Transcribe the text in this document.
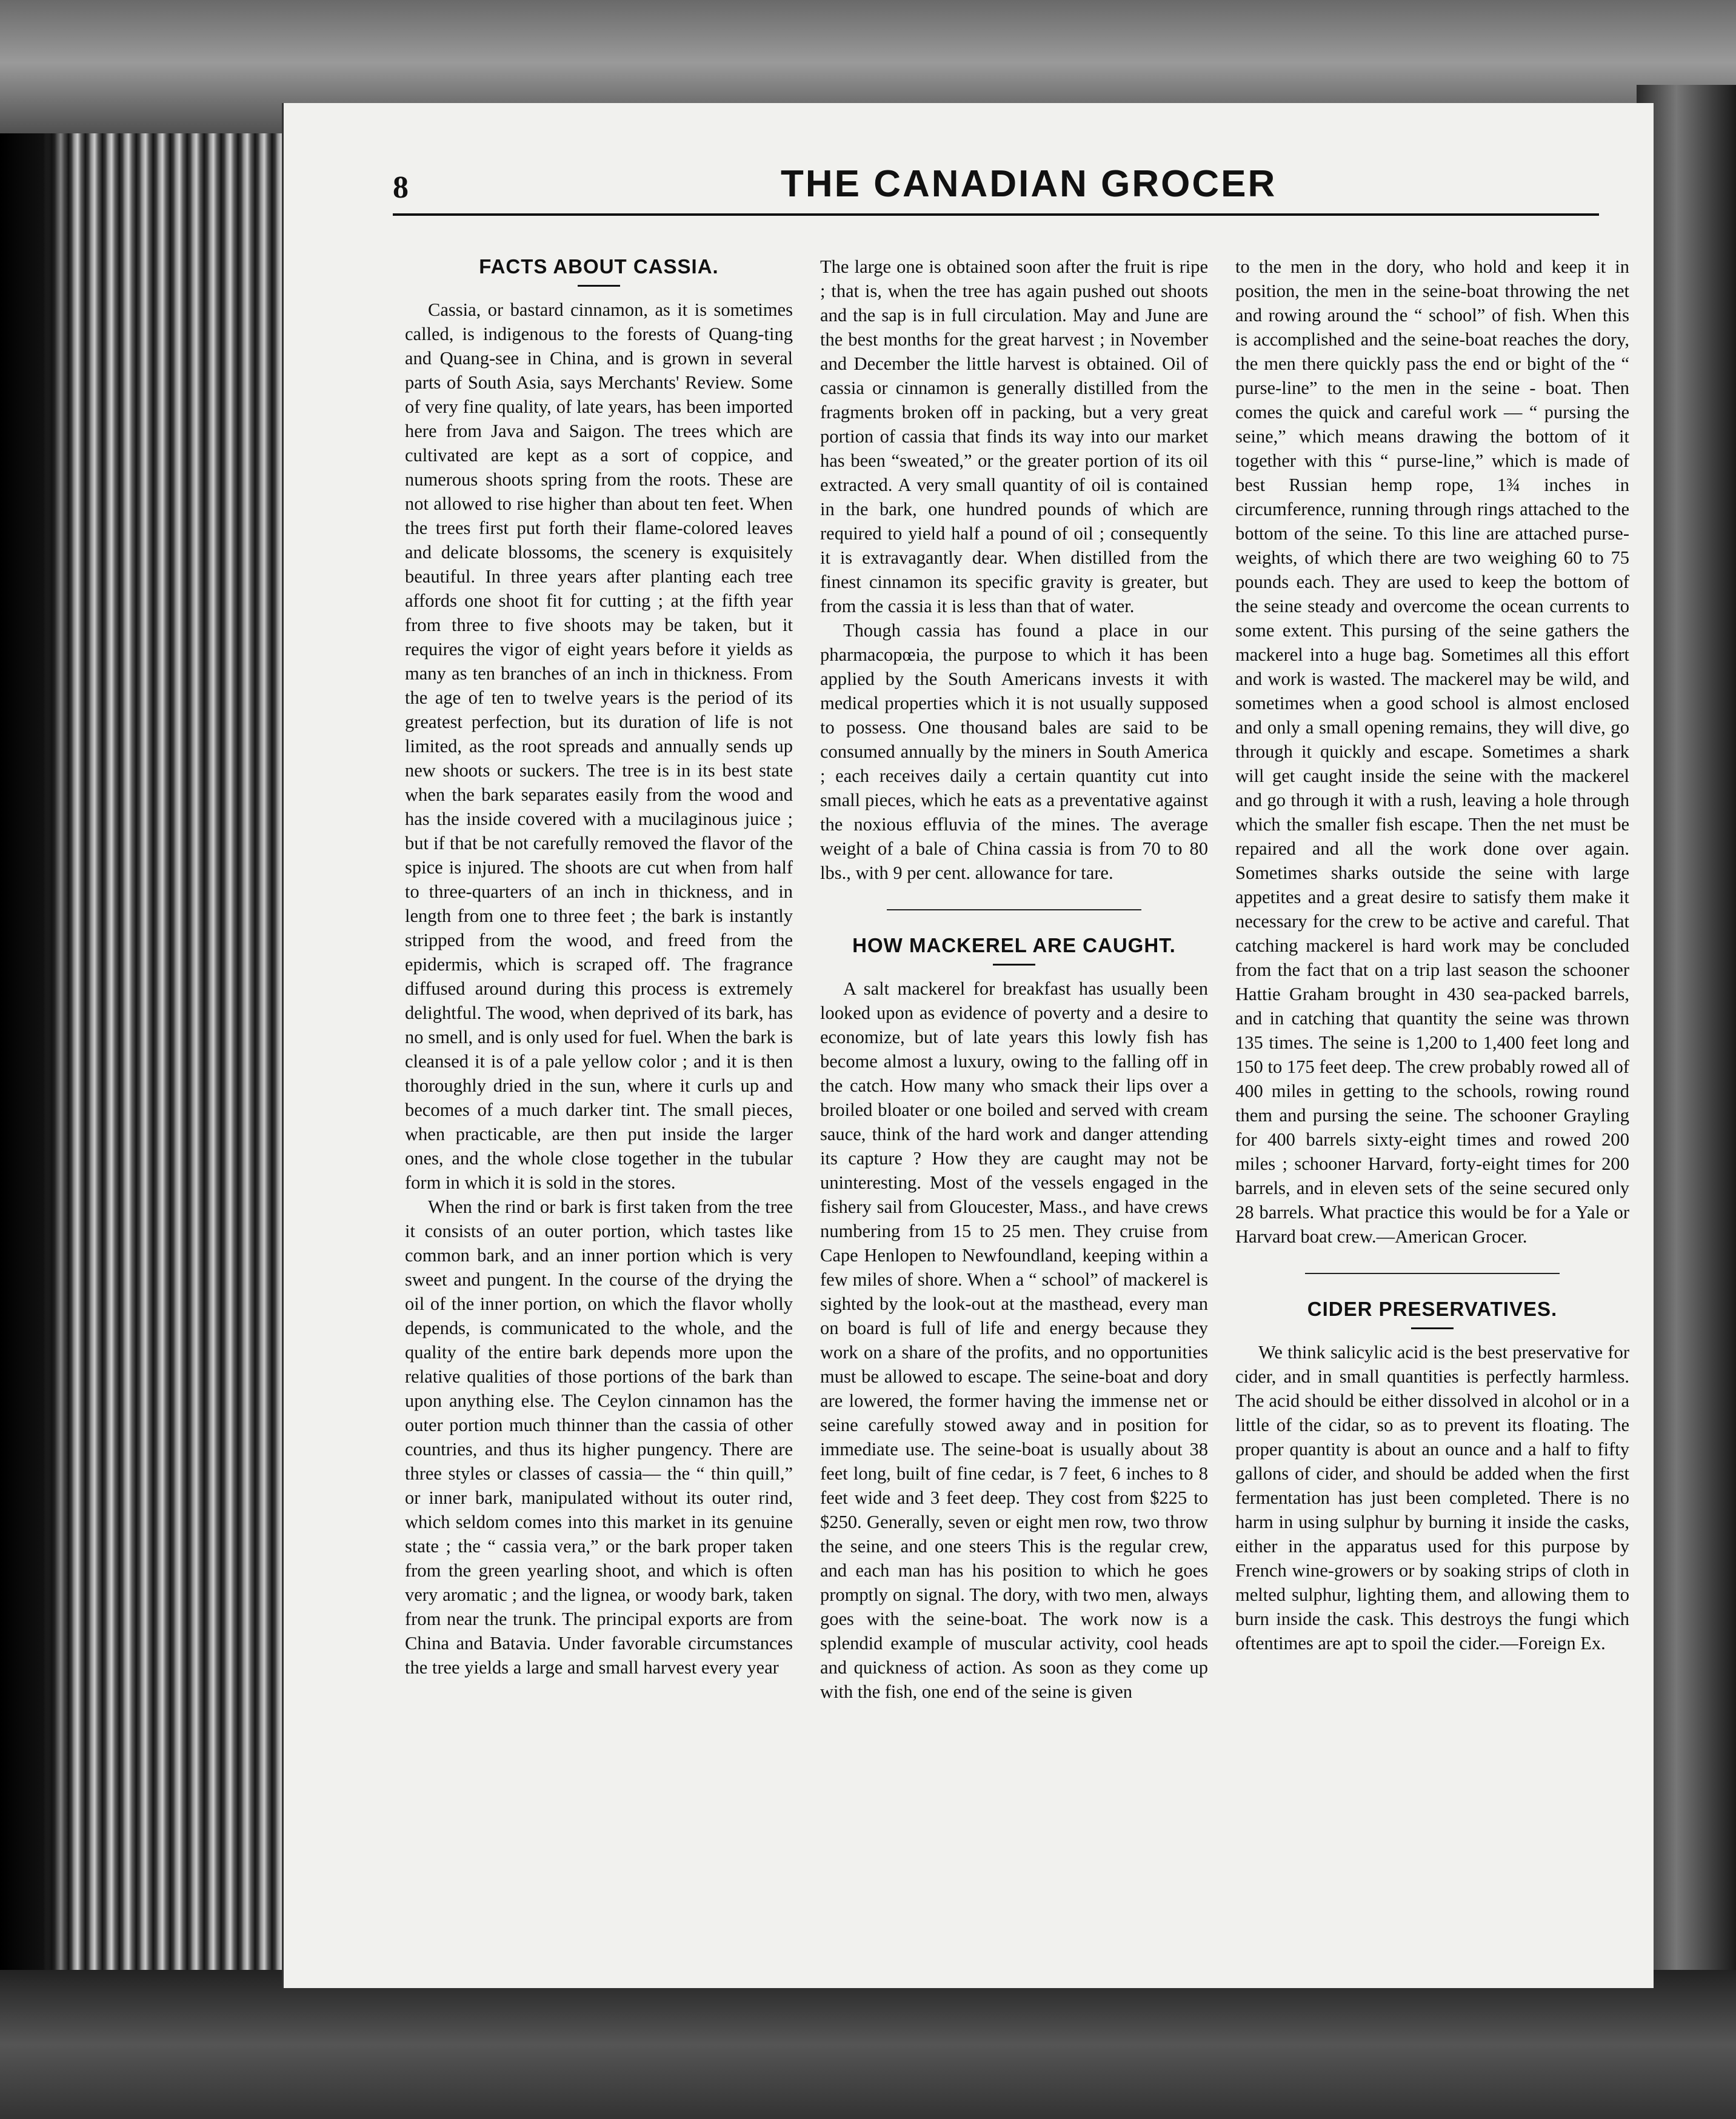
8	THE CANADIAN GROCER
FACTS ABOUT CASSIA.

Cassia, or bastard cinnamon, as it is sometimes called, is indigenous to the forests of Quang-ting and Quang-see in China, and is grown in several parts of South Asia, says Merchants' Review. Some of very fine quality, of late years, has been imported here from Java and Saigon. The trees which are cultivated are kept as a sort of coppice, and numerous shoots spring from the roots. These are not allowed to rise higher than about ten feet. When the trees first put forth their flame-colored leaves and delicate blossoms, the scenery is exquisitely beautiful. In three years after planting each tree affords one shoot fit for cutting ; at the fifth year from three to five shoots may be taken, but it requires the vigor of eight years before it yields as many as ten branches of an inch in thickness. From the age of ten to twelve years is the period of its greatest perfection, but its duration of life is not limited, as the root spreads and annually sends up new shoots or suckers. The tree is in its best state when the bark separates easily from the wood and has the inside covered with a mucilaginous juice ; but if that be not carefully removed the flavor of the spice is injured. The shoots are cut when from half to three-quarters of an inch in thickness, and in length from one to three feet ; the bark is instantly stripped from the wood, and freed from the epidermis, which is scraped off. The fragrance diffused around during this process is extremely delightful. The wood, when deprived of its bark, has no smell, and is only used for fuel. When the bark is cleansed it is of a pale yellow color ; and it is then thoroughly dried in the sun, where it curls up and becomes of a much darker tint. The small pieces, when practicable, are then put inside the larger ones, and the whole close together in the tubular form in which it is sold in the stores.

When the rind or bark is first taken from the tree it consists of an outer portion, which tastes like common bark, and an inner portion which is very sweet and pungent. In the course of the drying the oil of the inner portion, on which the flavor wholly depends, is communicated to the whole, and the quality of the entire bark depends more upon the relative qualities of those portions of the bark than upon anything else. The Ceylon cinnamon has the outer portion much thinner than the cassia of other countries, and thus its higher pungency. There are three styles or classes of cassia— the “ thin quill,” or inner bark, manipulated without its outer rind, which seldom comes into this market in its genuine state ; the “ cassia vera,” or the bark proper taken from the green yearling shoot, and which is often very aromatic ; and the lignea, or woody bark, taken from near the trunk. The principal exports are from China and Batavia. Under favorable circumstances the tree yields a large and small harvest every year

The large one is obtained soon after the fruit is ripe ; that is, when the tree has again pushed out shoots and the sap is in full circulation. May and June are the best months for the great harvest ; in November and December the little harvest is obtained. Oil of cassia or cinnamon is generally distilled from the fragments broken off in packing, but a very great portion of cassia that finds its way into our market has been “sweated,” or the greater portion of its oil extracted. A very small quantity of oil is contained in the bark, one hundred pounds of which are required to yield half a pound of oil ; consequently it is extravagantly dear. When distilled from the finest cinnamon its specific gravity is greater, but from the cassia it is less than that of water.

Though cassia has found a place in our pharmacopœia, the purpose to which it has been applied by the South Americans invests it with medical properties which it is not usually supposed to possess. One thousand bales are said to be consumed annually by the miners in South America ; each receives daily a certain quantity cut into small pieces, which he eats as a preventative against the noxious effluvia of the mines. The average weight of a bale of China cassia is from 70 to 80 lbs., with 9 per cent. allowance for tare.

HOW MACKEREL ARE CAUGHT.

A salt mackerel for breakfast has usually been looked upon as evidence of poverty and a desire to economize, but of late years this lowly fish has become almost a luxury, owing to the falling off in the catch. How many who smack their lips over a broiled bloater or one boiled and served with cream sauce, think of the hard work and danger attending its capture ? How they are caught may not be uninteresting. Most of the vessels engaged in the fishery sail from Gloucester, Mass., and have crews numbering from 15 to 25 men. They cruise from Cape Henlopen to Newfoundland, keeping within a few miles of shore. When a “ school” of mackerel is sighted by the look-out at the masthead, every man on board is full of life and energy because they work on a share of the profits, and no opportunities must be allowed to escape. The seine-boat and dory are lowered, the former having the immense net or seine carefully stowed away and in position for immediate use. The seine-boat is usually about 38 feet long, built of fine cedar, is 7 feet, 6 inches to 8 feet wide and 3 feet deep. They cost from $225 to $250. Generally, seven or eight men row, two throw the seine, and one steers This is the regular crew, and each man has his position to which he goes promptly on signal. The dory, with two men, always goes with the seine-boat. The work now is a splendid example of muscular activity, cool heads and quickness of action. As soon as they come up with the fish, one end of the seine is given

to the men in the dory, who hold and keep it in position, the men in the seine-boat throwing the net and rowing around the “ school” of fish. When this is accomplished and the seine-boat reaches the dory, the men there quickly pass the end or bight of the “ purse-line” to the men in the seine - boat. Then comes the quick and careful work — “ pursing the seine,” which means drawing the bottom of it together with this “ purse-line,” which is made of best Russian hemp rope, 1¾ inches in circumference, running through rings attached to the bottom of the seine. To this line are attached purse-weights, of which there are two weighing 60 to 75 pounds each. They are used to keep the bottom of the seine steady and overcome the ocean currents to some extent. This pursing of the seine gathers the mackerel into a huge bag. Sometimes all this effort and work is wasted. The mackerel may be wild, and sometimes when a good school is almost enclosed and only a small opening remains, they will dive, go through it quickly and escape. Sometimes a shark will get caught inside the seine with the mackerel and go through it with a rush, leaving a hole through which the smaller fish escape. Then the net must be repaired and all the work done over again. Sometimes sharks outside the seine with large appetites and a great desire to satisfy them make it necessary for the crew to be active and careful. That catching mackerel is hard work may be concluded from the fact that on a trip last season the schooner Hattie Graham brought in 430 sea-packed barrels, and in catching that quantity the seine was thrown 135 times. The seine is 1,200 to 1,400 feet long and 150 to 175 feet deep. The crew probably rowed all of 400 miles in getting to the schools, rowing round them and pursing the seine. The schooner Grayling for 400 barrels sixty-eight times and rowed 200 miles ; schooner Harvard, forty-eight times for 200 barrels, and in eleven sets of the seine secured only 28 barrels. What practice this would be for a Yale or Harvard boat crew.—American Grocer.

CIDER PRESERVATIVES.

We think salicylic acid is the best preservative for cider, and in small quantities is perfectly harmless. The acid should be either dissolved in alcohol or in a little of the cidar, so as to prevent its floating. The proper quantity is about an ounce and a half to fifty gallons of cider, and should be added when the first fermentation has just been completed. There is no harm in using sulphur by burning it inside the casks, either in the apparatus used for this purpose by French wine-growers or by soaking strips of cloth in melted sulphur, lighting them, and allowing them to burn inside the cask. This destroys the fungi which oftentimes are apt to spoil the cider.—Foreign Ex.
